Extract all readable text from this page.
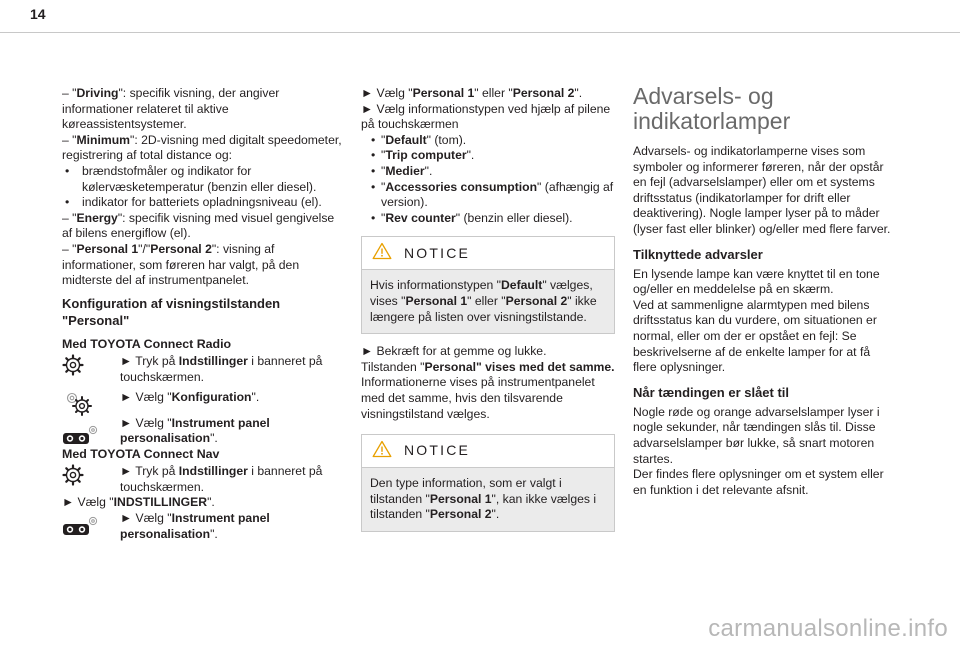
14

– "Driving": specifik visning, der angiver informationer relateret til aktive køreassistentsystemer.

– "Minimum": 2D-visning med digitalt speedometer, registrering af total distance og:

• brændstofmåler og indikator for kølervæsketemperatur (benzin eller diesel).

• indikator for batteriets opladningsniveau (el).

– "Energy": specifik visning med visuel gengivelse af bilens energiflow (el).

– "Personal 1"/"Personal 2": visning af informationer, som føreren har valgt, på den midterste del af instrumentpanelet.

Konfiguration af visningstilstanden "Personal"

Med TOYOTA Connect Radio

► Tryk på Indstillinger i banneret på touchskærmen.
► Vælg "Konfiguration".
► Vælg "Instrument panel personalisation".

Med TOYOTA Connect Nav

► Tryk på Indstillinger i banneret på touchskærmen.

► Vælg "INDSTILLINGER".

► Vælg "Instrument panel personalisation".

► Vælg "Personal 1" eller "Personal 2".

► Vælg informationstypen ved hjælp af pilene på touchskærmen

• "Default" (tom).

• "Trip computer".

• "Medier".

• "Accessories consumption" (afhængig af version).

• "Rev counter" (benzin eller diesel).

NOTICE
Hvis informationstypen "Default" vælges, vises "Personal 1" eller "Personal 2" ikke længere på listen over visningstilstande.

► Bekræft for at gemme og lukke.

Tilstanden "Personal" vises med det samme.

Informationerne vises på instrumentpanelet med det samme, hvis den tilsvarende visningstilstand vælges.

NOTICE
Den type information, som er valgt i tilstanden "Personal 1", kan ikke vælges i tilstanden "Personal 2".

Advarsels- og indikatorlamper

Advarsels- og indikatorlamperne vises som symboler og informerer føreren, når der opstår en fejl (advarselslamper) eller om et systems driftsstatus (indikatorlamper for drift eller deaktivering). Nogle lamper lyser på to måder (lyser fast eller blinker) og/eller med flere farver.

Tilknyttede advarsler

En lysende lampe kan være knyttet til en tone og/eller en meddelelse på en skærm.

Ved at sammenligne alarmtypen med bilens driftsstatus kan du vurdere, om situationen er normal, eller om der er opstået en fejl: Se beskrivelserne af de enkelte lamper for at få flere oplysninger.

Når tændingen er slået til

Nogle røde og orange advarselslamper lyser i nogle sekunder, når tændingen slås til. Disse advarselslamper bør lukke, så snart motoren startes.

Der findes flere oplysninger om et system eller en funktion i det relevante afsnit.

carmanualsonline.info
